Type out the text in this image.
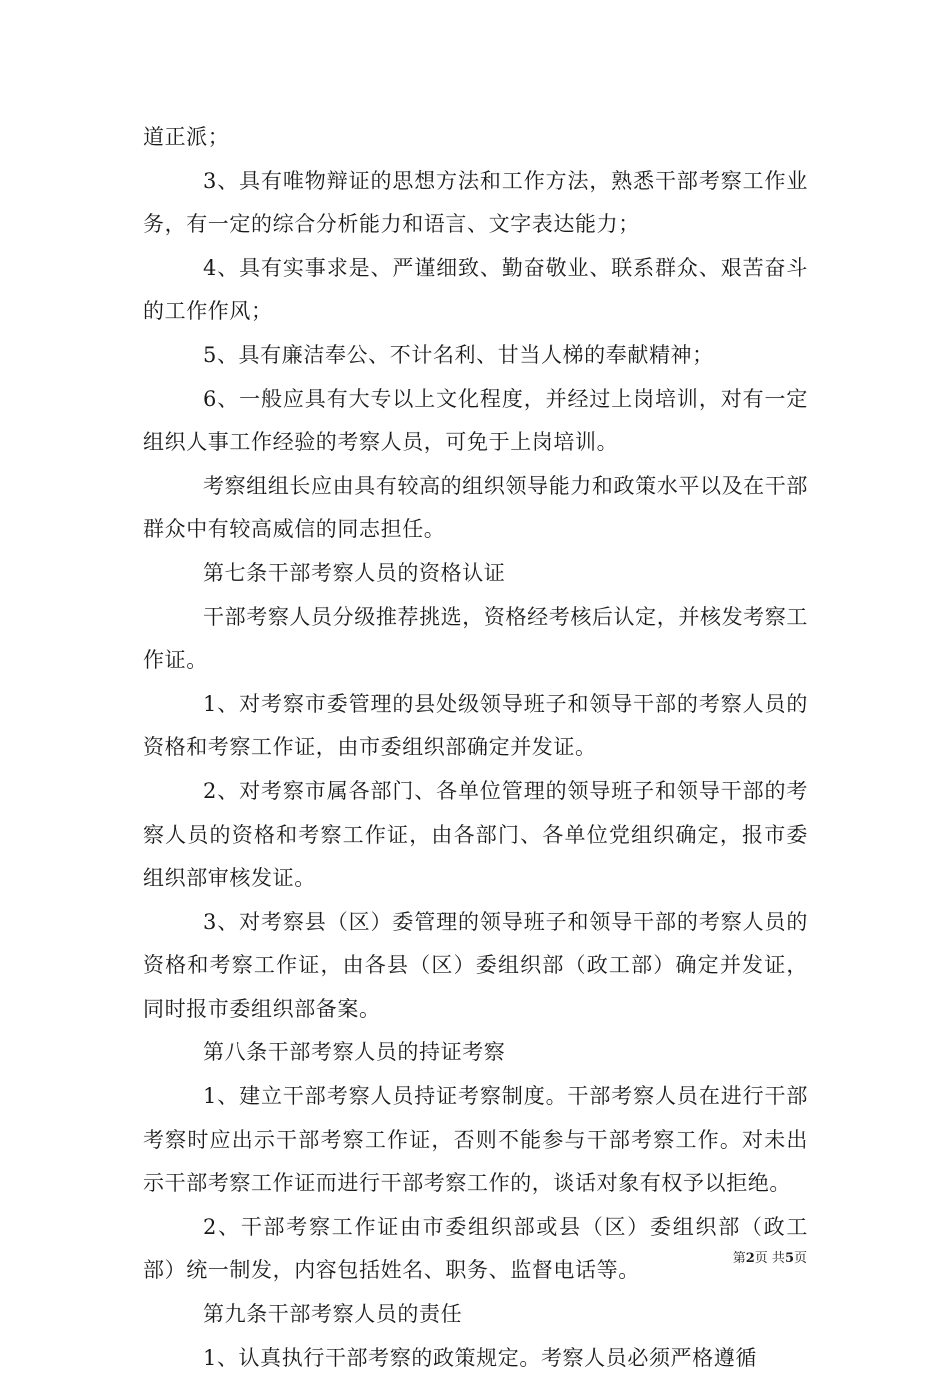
道正派；

3、具有唯物辩证的思想方法和工作方法，熟悉干部考察工作业务，有一定的综合分析能力和语言、文字表达能力；

4、具有实事求是、严谨细致、勤奋敬业、联系群众、艰苦奋斗的工作作风；

5、具有廉洁奉公、不计名利、甘当人梯的奉献精神；

6、一般应具有大专以上文化程度，并经过上岗培训，对有一定组织人事工作经验的考察人员，可免于上岗培训。

考察组组长应由具有较高的组织领导能力和政策水平以及在干部群众中有较高威信的同志担任。

第七条干部考察人员的资格认证

干部考察人员分级推荐挑选，资格经考核后认定，并核发考察工作证。

1、对考察市委管理的县处级领导班子和领导干部的考察人员的资格和考察工作证，由市委组织部确定并发证。

2、对考察市属各部门、各单位管理的领导班子和领导干部的考察人员的资格和考察工作证，由各部门、各单位党组织确定，报市委组织部审核发证。

3、对考察县（区）委管理的领导班子和领导干部的考察人员的资格和考察工作证，由各县（区）委组织部（政工部）确定并发证，同时报市委组织部备案。

第八条干部考察人员的持证考察

1、建立干部考察人员持证考察制度。干部考察人员在进行干部考察时应出示干部考察工作证，否则不能参与干部考察工作。对未出示干部考察工作证而进行干部考察工作的，谈话对象有权予以拒绝。

2、干部考察工作证由市委组织部或县（区）委组织部（政工部）统一制发，内容包括姓名、职务、监督电话等。

第九条干部考察人员的责任

1、认真执行干部考察的政策规定。考察人员必须严格遵循

第2页 共5页
